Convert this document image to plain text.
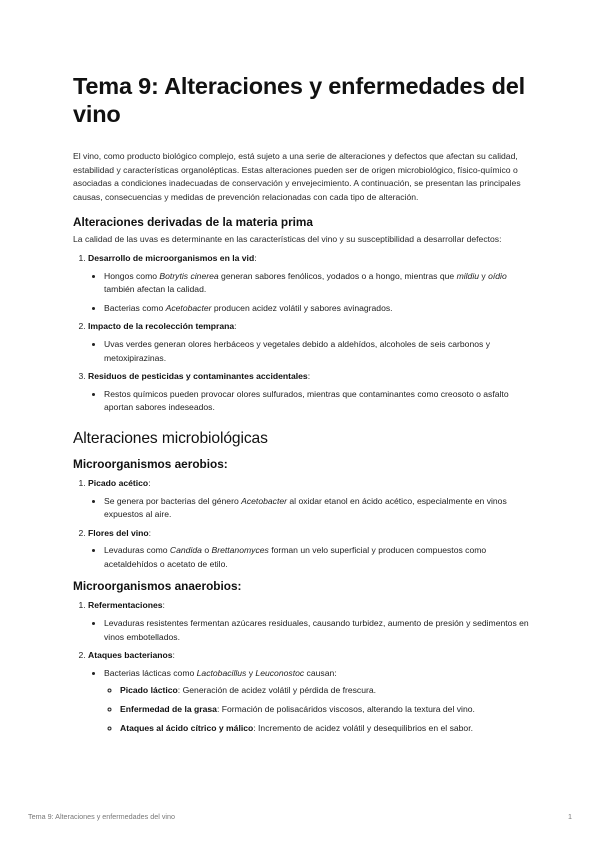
Tema 9: Alteraciones y enfermedades del vino
El vino, como producto biológico complejo, está sujeto a una serie de alteraciones y defectos que afectan su calidad, estabilidad y características organolépticas. Estas alteraciones pueden ser de origen microbiológico, físico-químico o asociadas a condiciones inadecuadas de conservación y envejecimiento. A continuación, se presentan las principales causas, consecuencias y medidas de prevención relacionadas con cada tipo de alteración.
Alteraciones derivadas de la materia prima

La calidad de las uvas es determinante en las características del vino y su susceptibilidad a desarrollar defectos:

1. Desarrollo de microorganismos en la vid:
• Hongos como Botrytis cinerea generan sabores fenólicos, yodados o a hongo, mientras que mildiu y oídio también afectan la calidad.
• Bacterias como Acetobacter producen acidez volátil y sabores avinagrados.
2. Impacto de la recolección temprana:
• Uvas verdes generan olores herbáceos y vegetales debido a aldehídos, alcoholes de seis carbonos y metoxipirazinas.
3. Residuos de pesticidas y contaminantes accidentales:
• Restos químicos pueden provocar olores sulfurados, mientras que contaminantes como creosoto o asfalto aportan sabores indeseados.
Alteraciones microbiológicas
Microorganismos aerobios:
1. Picado acético:
• Se genera por bacterias del género Acetobacter al oxidar etanol en ácido acético, especialmente en vinos expuestos al aire.
2. Flores del vino:
• Levaduras como Candida o Brettanomyces forman un velo superficial y producen compuestos como acetaldehídos o acetato de etilo.
Microorganismos anaerobios:
1. Refermentaciones:
• Levaduras resistentes fermentan azúcares residuales, causando turbidez, aumento de presión y sedimentos en vinos embotellados.
2. Ataques bacterianos:
• Bacterias lácticas como Lactobacillus y Leuconostoc causan:
◦ Picado láctico: Generación de acidez volátil y pérdida de frescura.
◦ Enfermedad de la grasa: Formación de polisacáridos viscosos, alterando la textura del vino.
◦ Ataques al ácido cítrico y málico: Incremento de acidez volátil y desequilibrios en el sabor.
Tema 9: Alteraciones y enfermedades del vino	1
